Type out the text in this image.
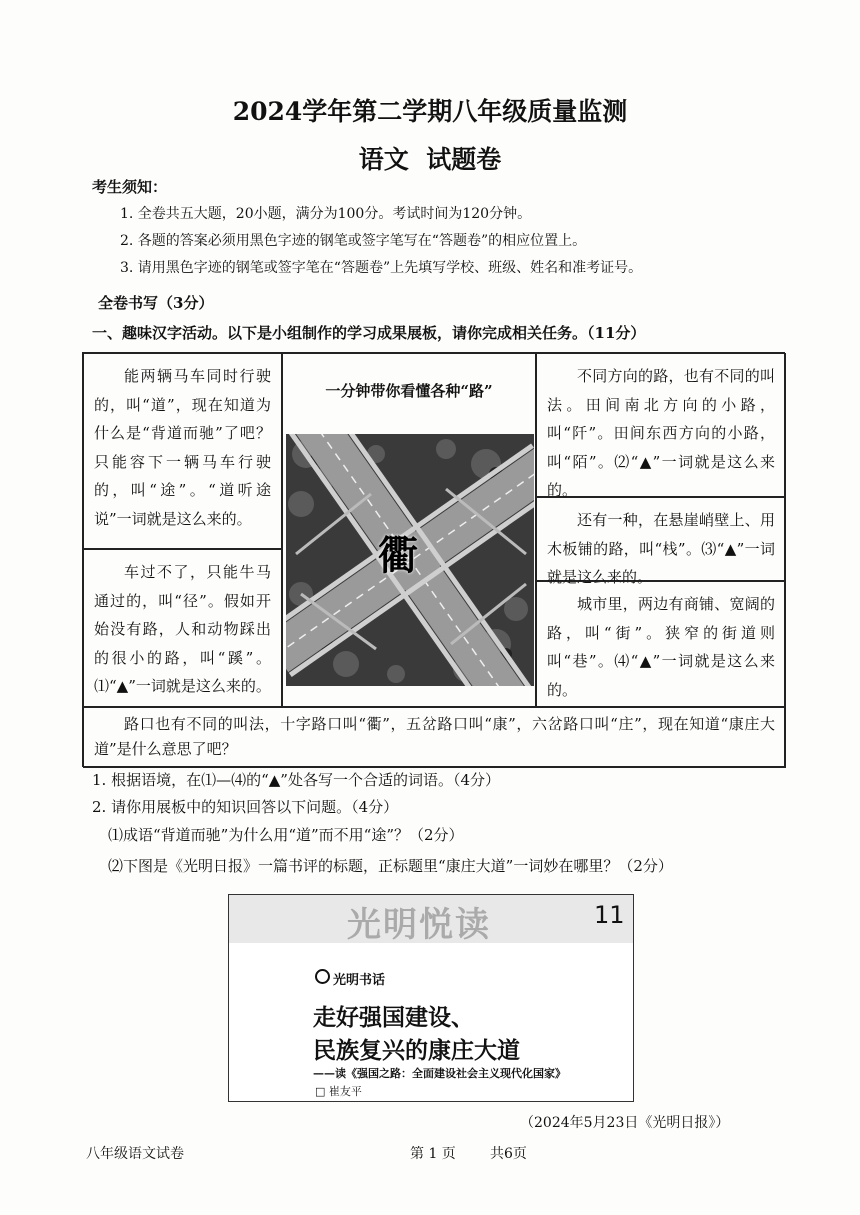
2024学年第二学期八年级质量监测
语文  试题卷
考生须知：
1. 全卷共五大题，20小题，满分为100分。考试时间为120分钟。
2. 各题的答案必须用黑色字迹的钢笔或签字笔写在“答题卷”的相应位置上。
3. 请用黑色字迹的钢笔或签字笔在“答题卷”上先填写学校、班级、姓名和准考证号。
全卷书写（3分）
一、趣味汉字活动。以下是小组制作的学习成果展板，请你完成相关任务。（11分）

能两辆马车同时行驶的，叫“道”，现在知道为什么是“背道而驰”了吧？只能容下一辆马车行驶的，叫“途”。“道听途说”一词就是这么来的。

车过不了，只能牛马通过的，叫“径”。假如开始没有路，人和动物踩出的很小的路，叫“蹊”。⑴“▲”一词就是这么来的。

一分钟带你看懂各种“路”
衢

不同方向的路，也有不同的叫法。田间南北方向的小路，叫“阡”。田间东西方向的小路，叫“陌”。⑵“▲”一词就是这么来的。

还有一种，在悬崖峭壁上、用木板铺的路，叫“栈”。⑶“▲”一词就是这么来的。

城市里，两边有商铺、宽阔的路，叫“街”。狭窄的街道则叫“巷”。⑷“▲”一词就是这么来的。

路口也有不同的叫法，十字路口叫“衢”，五岔路口叫“康”，六岔路口叫“庄”，现在知道“康庄大道”是什么意思了吧？

1. 根据语境，在⑴—⑷的“▲”处各写一个合适的词语。（4分）
2. 请你用展板中的知识回答以下问题。（4分）
⑴成语“背道而驰”为什么用“道”而不用“途”？（2分）
⑵下图是《光明日报》一篇书评的标题，正标题里“康庄大道”一词妙在哪里？（2分）
光明悦读	11
光明书话
走好强国建设、
民族复兴的康庄大道
——读《强国之路：全面建设社会主义现代化国家》
□ 崔友平
（2024年5月23日《光明日报》）
八年级语文试卷	第 1 页 共6页
